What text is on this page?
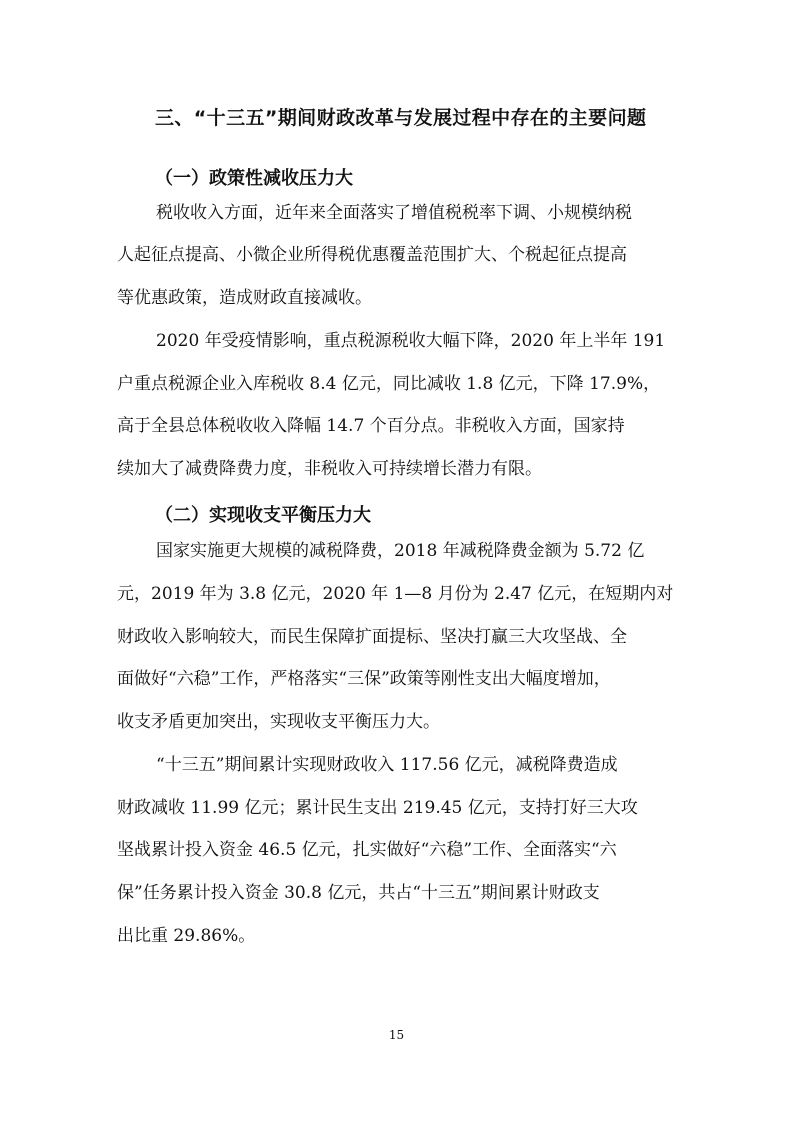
三、“十三五”期间财政改革与发展过程中存在的主要问题
（一）政策性减收压力大
税收收入方面，近年来全面落实了增值税税率下调、小规模纳税
人起征点提高、小微企业所得税优惠覆盖范围扩大、个税起征点提高
等优惠政策，造成财政直接减收。
2020 年受疫情影响，重点税源税收大幅下降，2020 年上半年 191
户重点税源企业入库税收 8.4 亿元，同比减收 1.8 亿元，下降 17.9%，
高于全县总体税收收入降幅 14.7 个百分点。非税收入方面，国家持
续加大了减费降费力度，非税收入可持续增长潜力有限。
（二）实现收支平衡压力大
国家实施更大规模的减税降费，2018 年减税降费金额为 5.72 亿
元，2019 年为 3.8 亿元，2020 年 1—8 月份为 2.47 亿元，在短期内对
财政收入影响较大，而民生保障扩面提标、坚决打赢三大攻坚战、全
面做好“六稳”工作，严格落实“三保”政策等刚性支出大幅度增加，
收支矛盾更加突出，实现收支平衡压力大。
“十三五”期间累计实现财政收入 117.56 亿元，减税降费造成
财政减收 11.99 亿元；累计民生支出 219.45 亿元，支持打好三大攻
坚战累计投入资金 46.5 亿元，扎实做好“六稳”工作、全面落实“六
保”任务累计投入资金 30.8 亿元，共占“十三五”期间累计财政支
出比重 29.86%。
15
